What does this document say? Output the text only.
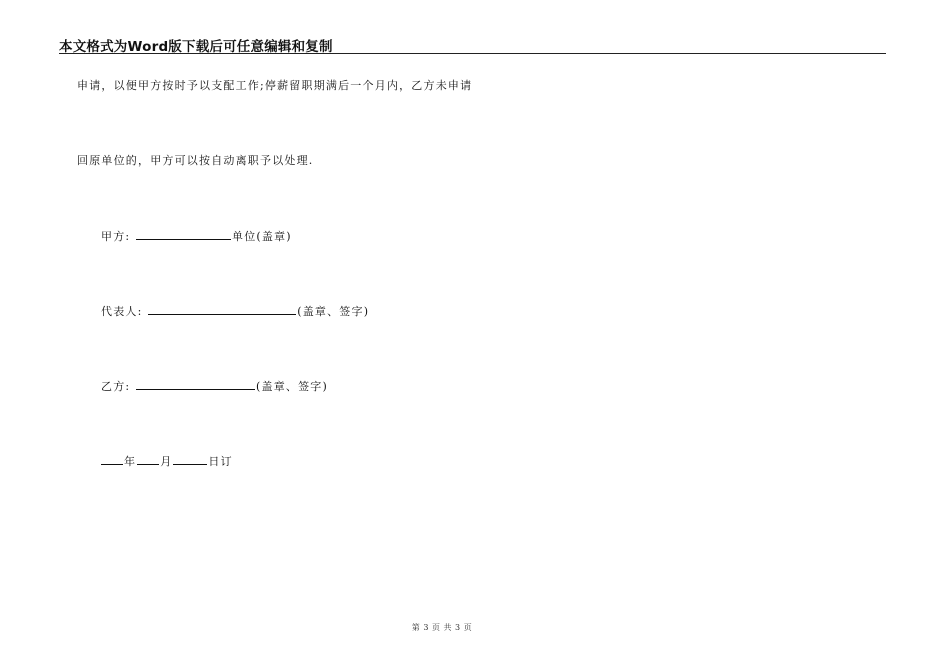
本文格式为Word版下载后可任意编辑和复制
申请，以便甲方按时予以支配工作;停薪留职期满后一个月内，乙方未申请
回原单位的，甲方可以按自动离职予以处理.
甲方:	单位(盖章)
代表人:	(盖章、签字)
乙方:	(盖章、签字)
年 月	日订
第 3 页 共 3 页
